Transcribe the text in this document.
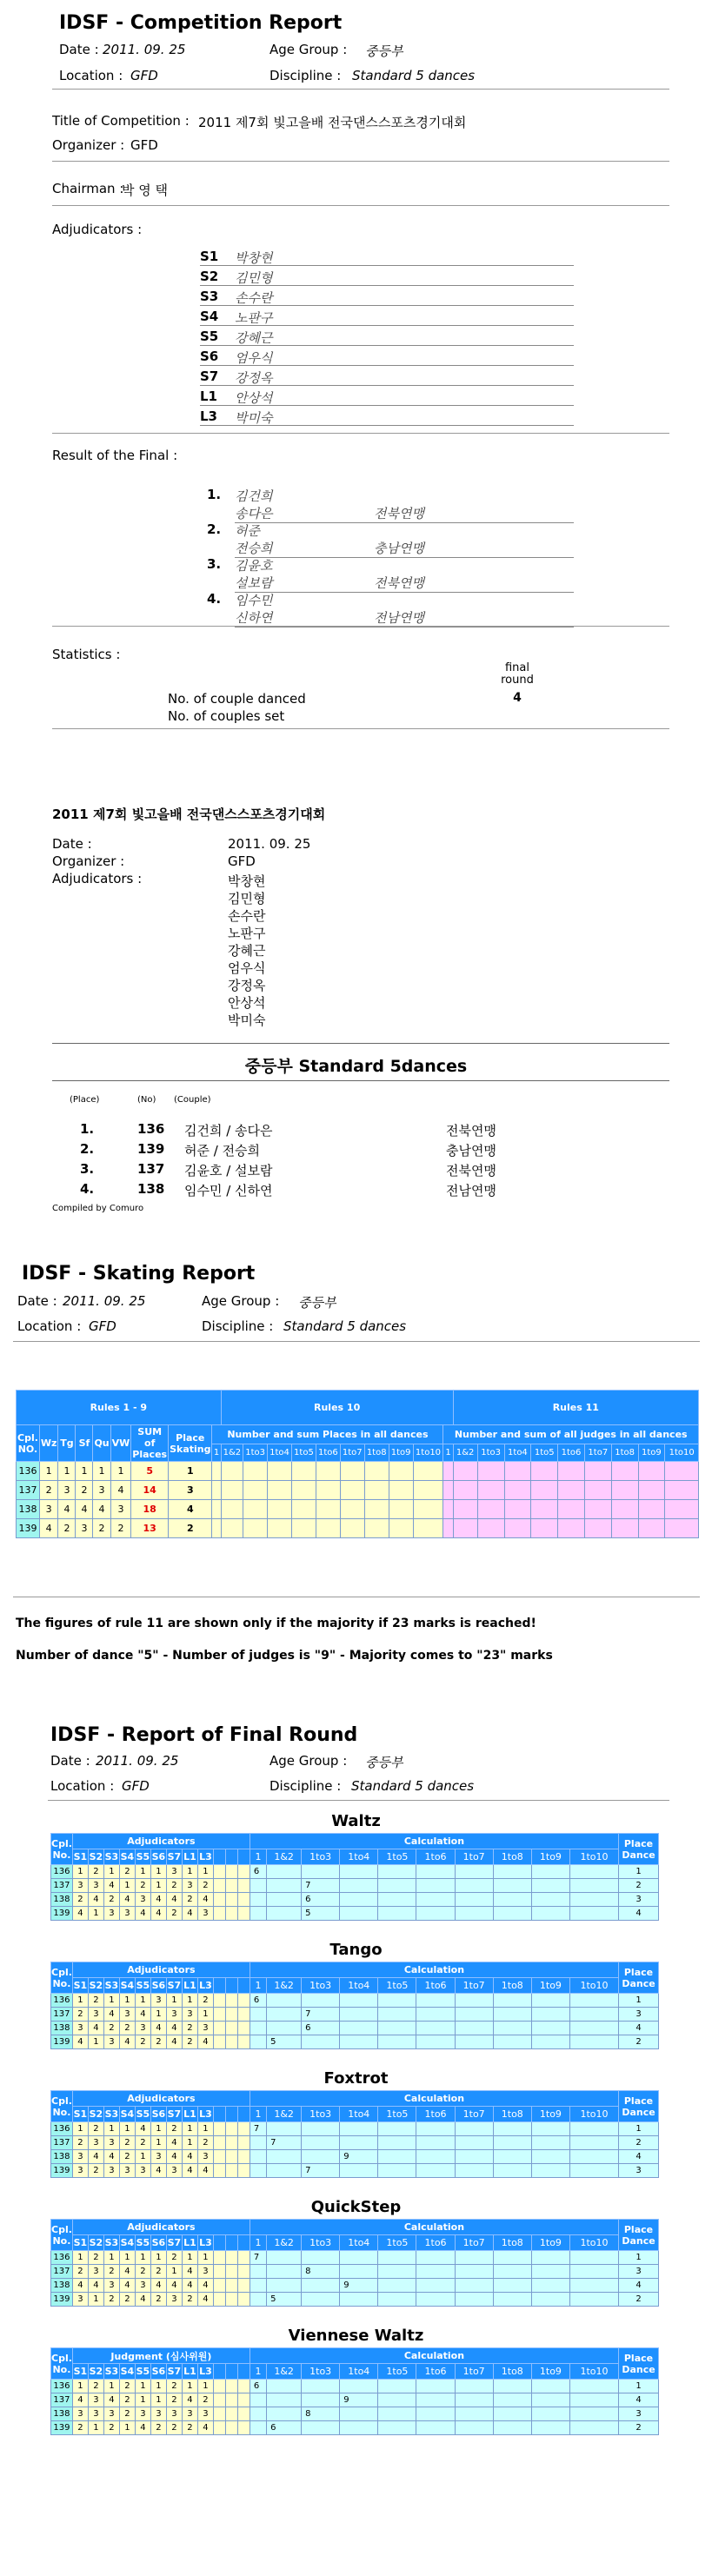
IDSF - Competition Report
Date : 2011. 09. 25	Age Group : 중등부
Location : GFD	Discipline : Standard 5 dances
Title of Competition : 2011 제7회 빛고을배 전국댄스스포츠경기대회
Organizer : GFD
Chairman :
박 영 택
Adjudicators :
S1	박창현
S2	김민형
S3	손수란
S4	노판구
S5	강혜근
S6	엄우식
S7	강정옥
L1	안상석
L3	박미숙
Result of the Final :
1. 김건희
송다은	전북연맹
2. 허준
전승희	충남연맹
3. 김윤호
설보람	전북연맹
4. 임수민
신하연	전남연맹
Statistics :
final round
No. of couple danced	4
No. of couples set
2011 제7회 빛고을배 전국댄스스포츠경기대회
Date :	2011. 09. 25
Organizer :	GFD
Adjudicators :	박창현
김민형
손수란
노판구
강혜근
엄우식
강정옥
안상석
박미숙
중등부 Standard 5dances
(Place)	(No) (Couple)
1.	136 김건희 / 송다은	전북연맹
2.	139 허준 / 전승희	충남연맹
3.	137 김윤호 / 설보람	전북연맹
4.	138 임수민 / 신하연	전남연맹
Compiled by Comuro
IDSF - Skating Report
Date : 2011. 09. 25	Age Group : 중등부
Location : GFD	Discipline : Standard 5 dances
Rules 1 - 9									Rules 10										Rules 11								
Cpl. NO.	Wz	Tg	Sf	Qu	VW	SUM of Places	Place Skating	Number and sum Places in all dances										Number and sum of all judges in all dances									
								1	1&2	1to3	1to4	1to5	1to6	1to7	1to8	1to9	1to10	1	1&2	1to3	1to4	1to5	1to6	1to7	1to8	1to9	1to10
136	1	1	1	1	1	5	1																				
137	2	3	2	3	4	14	3																				
138	3	4	4	4	3	18	4																				
139	4	2	3	2	2	13	2																				
The figures of rule 11 are shown only if the majority if 23 marks is reached!
Number of dance "5" - Number of judges is "9" - Majority comes to "23" marks
IDSF - Report of Final Round
Date : 2011. 09. 25	Age Group : 중등부
Location : GFD	Discipline : Standard 5 dances
Waltz
Cpl. No.	Adjudicators												Calculation										Place Dance
	S1	S2	S3	S4	S5	S6	S7	L1	L3				1	1&2	1to3	1to4	1to5	1to6	1to7	1to8	1to9	1to10	
136	1	2	1	2	1	1	3	1	1				6										1
137	3	3	4	1	2	1	2	3	2						7								2
138	2	4	2	4	3	4	4	2	4						6								3
139	4	1	3	3	4	4	2	4	3						5								4
Tango
Cpl. No.	Adjudicators												Calculation										Place Dance
	S1	S2	S3	S4	S5	S6	S7	L1	L3				1	1&2	1to3	1to4	1to5	1to6	1to7	1to8	1to9	1to10	
136	1	2	1	1	1	3	1	1	2				6										1
137	2	3	4	3	4	1	3	3	1						7								3
138	3	4	2	2	3	4	4	2	3						6								4
139	4	1	3	4	2	2	4	2	4					5									2
Foxtrot
Cpl. No.	Adjudicators												Calculation										Place Dance
	S1	S2	S3	S4	S5	S6	S7	L1	L3				1	1&2	1to3	1to4	1to5	1to6	1to7	1to8	1to9	1to10	
136	1	2	1	1	4	1	2	1	1				7										1
137	2	3	3	2	2	1	4	1	2					7									2
138	3	4	4	2	1	3	4	4	3							9							4
139	3	2	3	3	3	4	3	4	4						7								3
QuickStep
Cpl. No.	Adjudicators												Calculation										Place Dance
	S1	S2	S3	S4	S5	S6	S7	L1	L3				1	1&2	1to3	1to4	1to5	1to6	1to7	1to8	1to9	1to10	
136	1	2	1	1	1	1	2	1	1				7										1
137	2	3	2	4	2	2	1	4	3						8								3
138	4	4	3	4	3	4	4	4	4							9							4
139	3	1	2	2	4	2	3	2	4					5									2
Viennese Waltz
Cpl. No.	Judgment (심사위원)												Calculation										Place Dance
	S1	S2	S3	S4	S5	S6	S7	L1	L3				1	1&2	1to3	1to4	1to5	1to6	1to7	1to8	1to9	1to10	
136	1	2	1	2	1	1	2	1	1				6										1
137	4	3	4	2	1	1	2	4	2							9							4
138	3	3	3	2	3	3	3	3	3						8								3
139	2	1	2	1	4	2	2	2	4					6									2
